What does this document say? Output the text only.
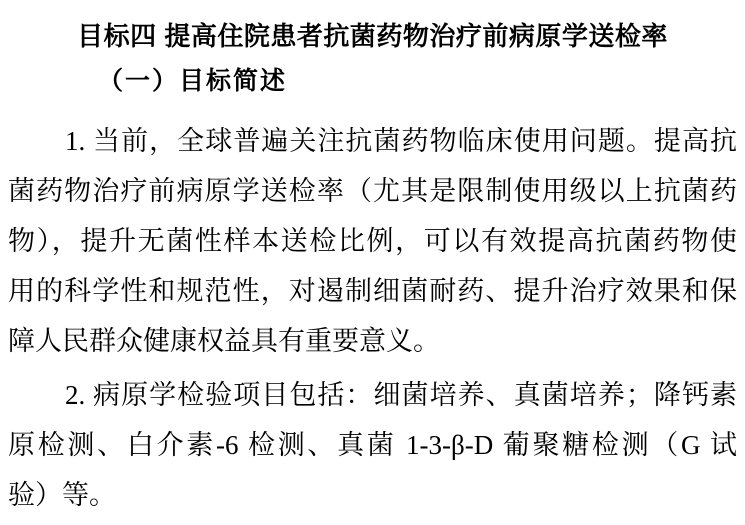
目标四 提高住院患者抗菌药物治疗前病原学送检率
（一）目标简述
1. 当前，全球普遍关注抗菌药物临床使用问题。提高抗
菌药物治疗前病原学送检率（尤其是限制使用级以上抗菌药
物），提升无菌性样本送检比例，可以有效提高抗菌药物使
用的科学性和规范性，对遏制细菌耐药、提升治疗效果和保
障人民群众健康权益具有重要意义。
2. 病原学检验项目包括：细菌培养、真菌培养；降钙素
原检测、白介素-6 检测、真菌 1-3-β-D 葡聚糖检测（G 试
验）等。
